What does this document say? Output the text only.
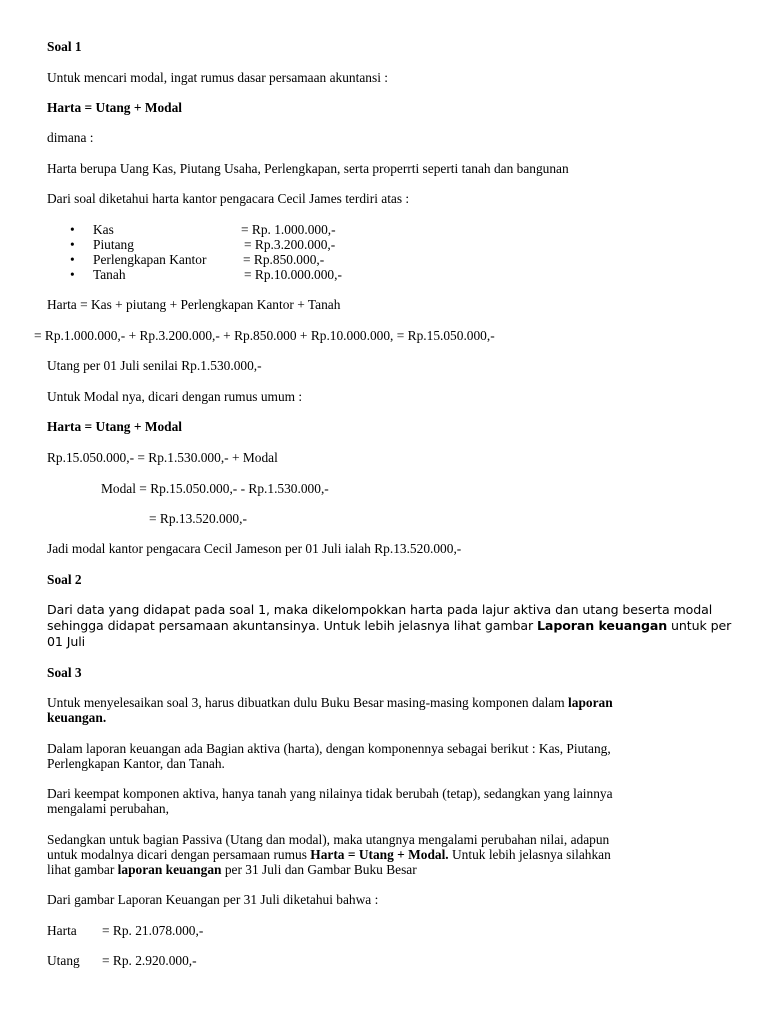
Soal 1
Untuk mencari modal, ingat rumus dasar persamaan akuntansi :
Harta = Utang + Modal
dimana :
Harta berupa Uang Kas, Piutang Usaha, Perlengkapan, serta properrti seperti tanah dan bangunan
Dari soal diketahui harta kantor pengacara Cecil James terdiri atas :
• Kas	= Rp. 1.000.000,-
• Piutang	= Rp.3.200.000,-
• Perlengkapan Kantor	= Rp.850.000,-
• Tanah	= Rp.10.000.000,-
Harta = Kas + piutang + Perlengkapan Kantor + Tanah
= Rp.1.000.000,- + Rp.3.200.000,- + Rp.850.000 + Rp.10.000.000, = Rp.15.050.000,-
Utang per 01 Juli senilai Rp.1.530.000,-
Untuk Modal nya, dicari dengan rumus umum :
Harta = Utang + Modal
Rp.15.050.000,- = Rp.1.530.000,- + Modal
Modal = Rp.15.050.000,- - Rp.1.530.000,-
= Rp.13.520.000,-
Jadi modal kantor pengacara Cecil Jameson per 01 Juli ialah Rp.13.520.000,-
Soal 2
Dari data yang didapat pada soal 1, maka dikelompokkan harta pada lajur aktiva dan utang beserta modal
sehingga didapat persamaan akuntansinya. Untuk lebih jelasnya lihat gambar Laporan keuangan untuk per
01 Juli
Soal 3
Untuk menyelesaikan soal 3, harus dibuatkan dulu Buku Besar masing-masing komponen dalam laporan
keuangan.
Dalam laporan keuangan ada Bagian aktiva (harta), dengan komponennya sebagai berikut : Kas, Piutang,
Perlengkapan Kantor, dan Tanah.
Dari keempat komponen aktiva, hanya tanah yang nilainya tidak berubah (tetap), sedangkan yang lainnya
mengalami perubahan,
Sedangkan untuk bagian Passiva (Utang dan modal), maka utangnya mengalami perubahan nilai, adapun
untuk modalnya dicari dengan persamaan rumus Harta = Utang + Modal. Untuk lebih jelasnya silahkan
lihat gambar laporan keuangan per 31 Juli dan Gambar Buku Besar
Dari gambar Laporan Keuangan per 31 Juli diketahui bahwa :
Harta = Rp. 21.078.000,-
Utang = Rp. 2.920.000,-
